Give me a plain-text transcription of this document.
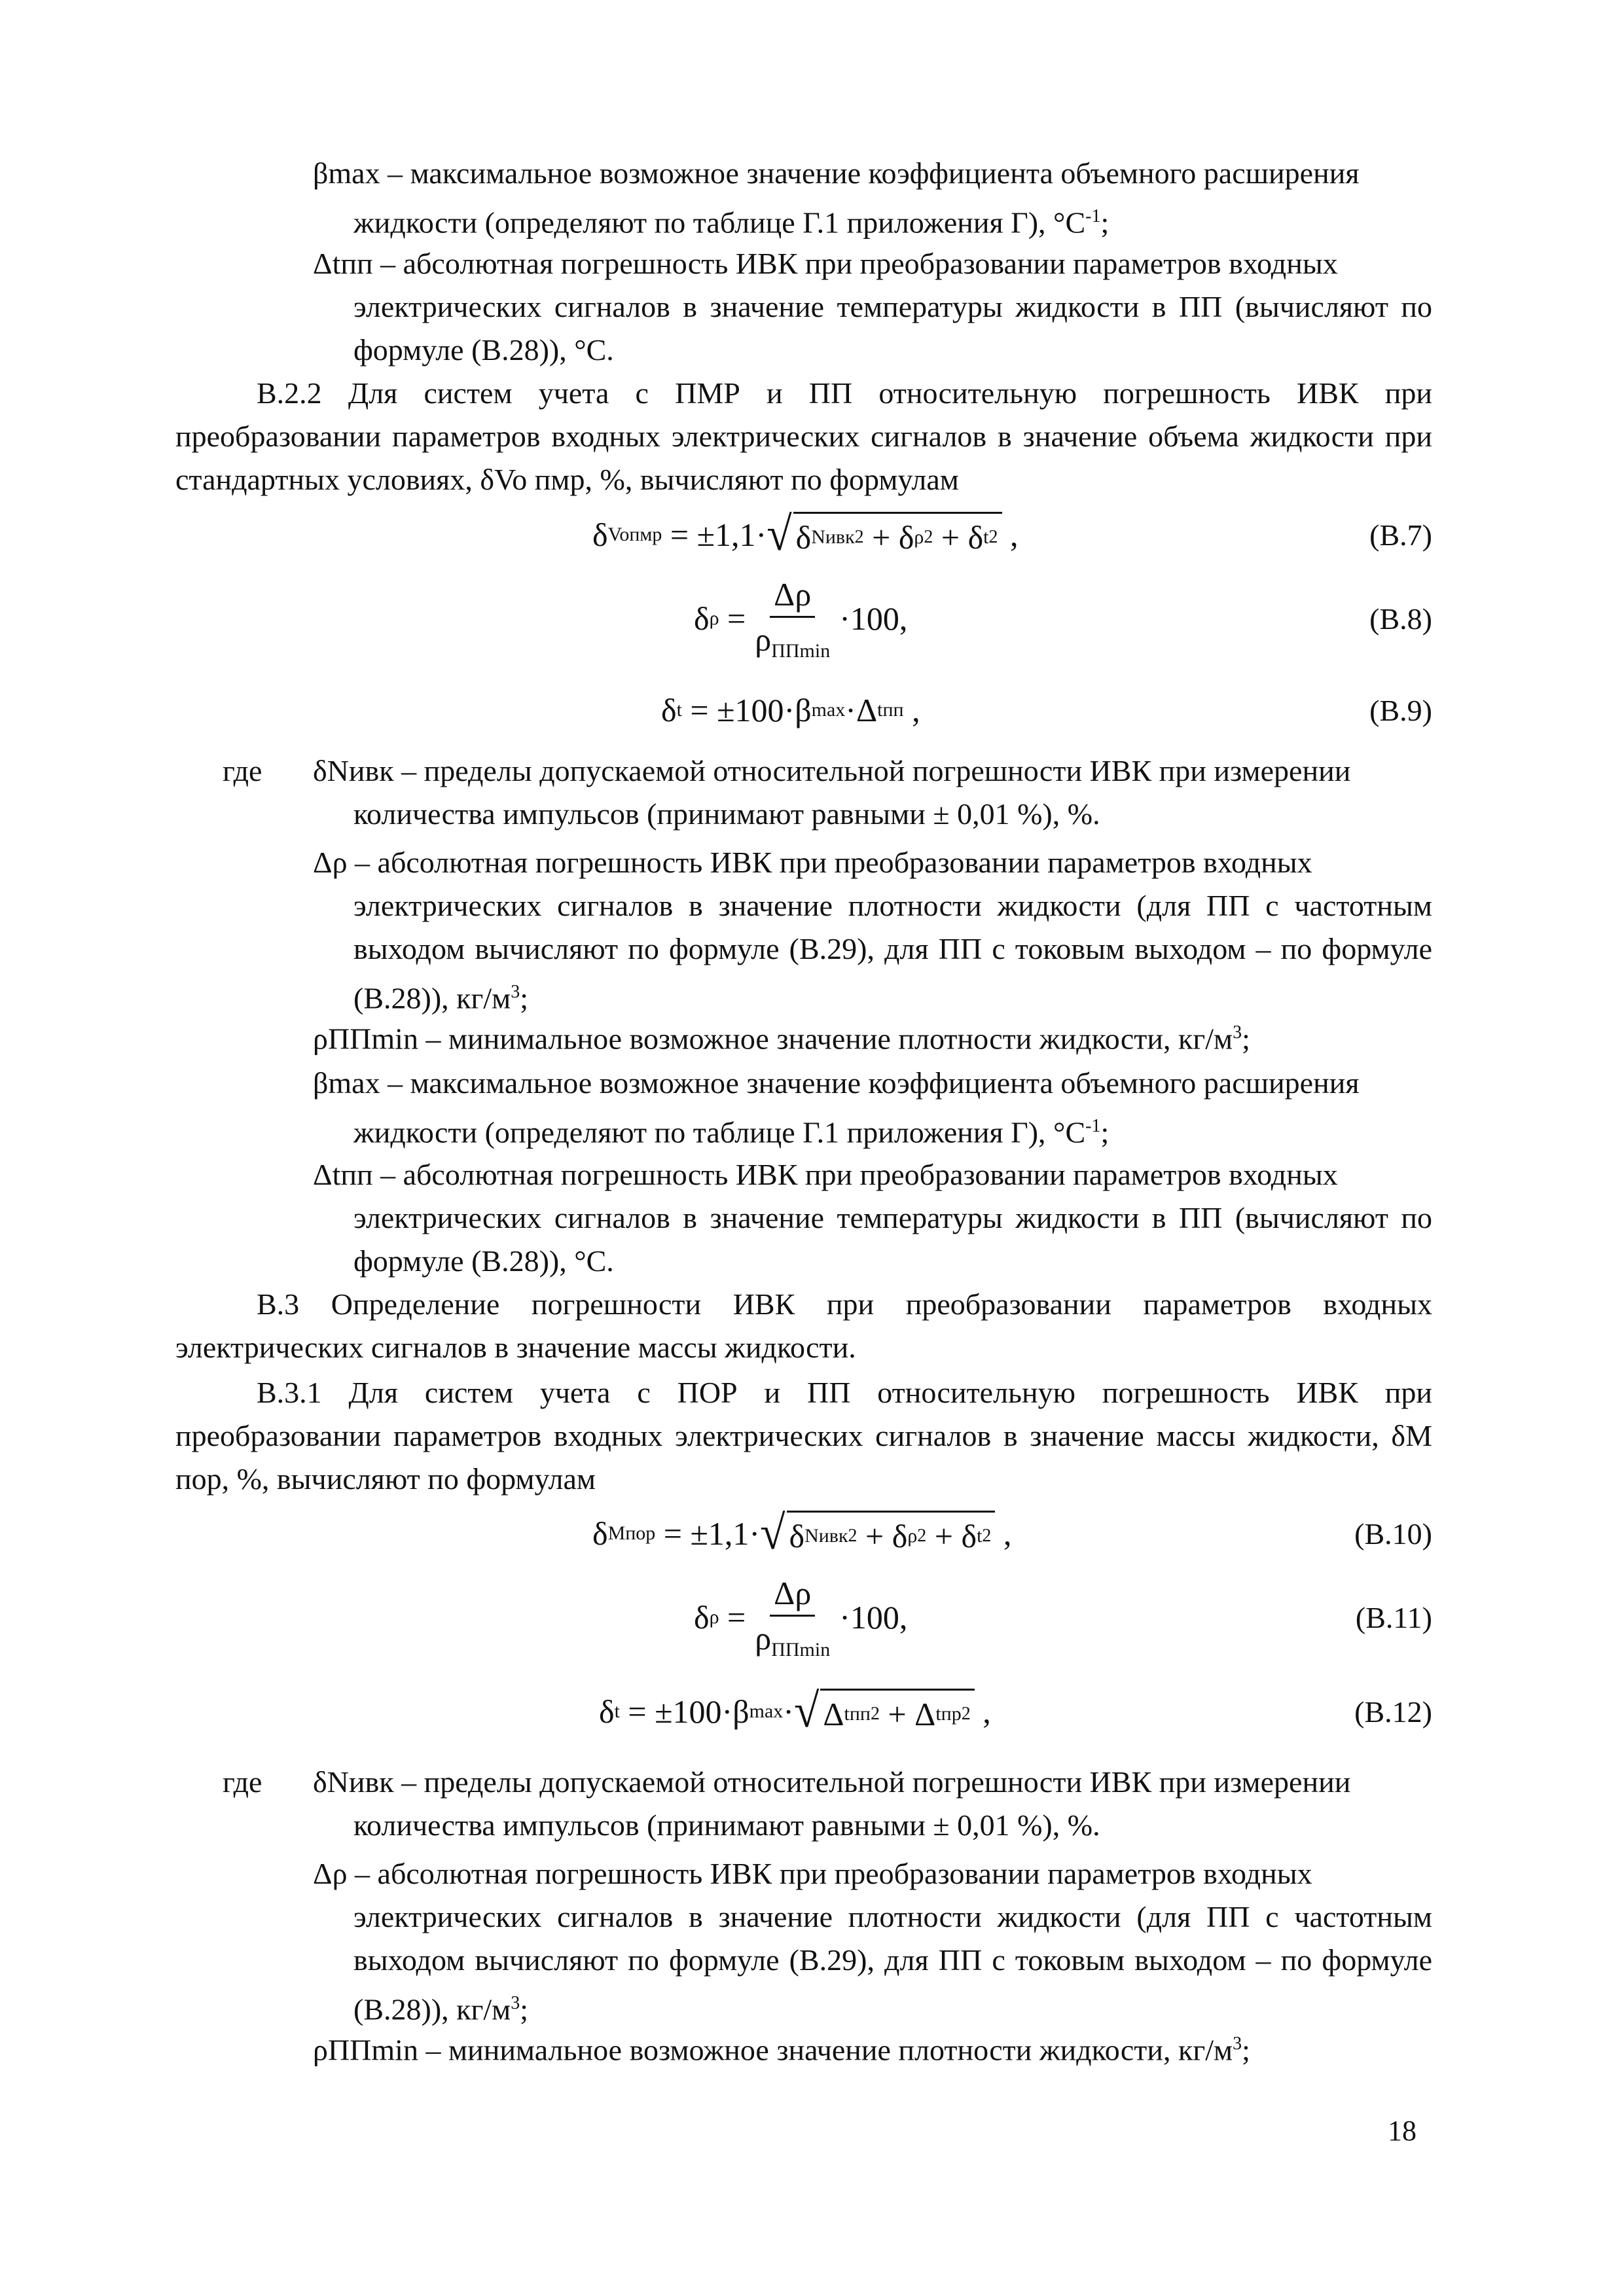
βmax – максимальное возможное значение коэффициента объемного расширения
жидкости (определяют по таблице Г.1 приложения Г), $^\circ С^{-1}$;
Δtпп – абсолютная погрешность ИВК при преобразовании параметров входных
электрических сигналов в значение температуры жидкости в ПП (вычисляют по формуле (В.28)), °С.
В.2.2 Для систем учета с ПМР и ПП относительную погрешность ИВК при преобразовании параметров входных электрических сигналов в значение объема жидкости при стандартных условиях, δVo пмр, %, вычисляют по формулам
δ Voпмр = ±1,1· √ δ Nивк 2 + δ ρ 2 + δ t 2 ,	(В.7)
δ $\rho = \frac{\Delta\rho}{\rho_{ППmin}} \cdot 100$,	(В.8)
δ t = ±100·β max ·Δ tпп ,	(В.9)
где δNивк – пределы допускаемой относительной погрешности ИВК при измерении
количества импульсов (принимают равными ± 0,01 %), %.
Δρ – абсолютная погрешность ИВК при преобразовании параметров входных
электрических сигналов в значение плотности жидкости (для ПП с частотным выходом вычисляют по формуле (В.29), для ПП с токовым выходом – по формуле (В.28)), $кг/м^3$;
ρППmin – минимальное возможное значение плотности жидкости, $кг/м^3$;
βmax – максимальное возможное значение коэффициента объемного расширения
жидкости (определяют по таблице Г.1 приложения Г), $^\circ С^{-1}$;
Δtпп – абсолютная погрешность ИВК при преобразовании параметров входных
электрических сигналов в значение температуры жидкости в ПП (вычисляют по формуле (В.28)), °С.
В.3 Определение погрешности ИВК при преобразовании параметров входных электрических сигналов в значение массы жидкости.
В.3.1 Для систем учета с ПОР и ПП относительную погрешность ИВК при преобразовании параметров входных электрических сигналов в значение массы жидкости, δМ пор, %, вычисляют по формулам
δ Mпор = ±1,1· √ δ Nивк 2 + δ ρ 2 + δ t 2 ,	(В.10)
δ $\rho = \frac{\Delta\rho}{\rho_{ППmin}} \cdot 100$,	(В.11)
δ t = ±100·β max · √ Δ tпп 2 + Δ tпр 2 ,	(В.12)
где δNивк – пределы допускаемой относительной погрешности ИВК при измерении
количества импульсов (принимают равными ± 0,01 %), %.
Δρ – абсолютная погрешность ИВК при преобразовании параметров входных
электрических сигналов в значение плотности жидкости (для ПП с частотным выходом вычисляют по формуле (В.29), для ПП с токовым выходом – по формуле (В.28)), $кг/м^3$;
ρППmin – минимальное возможное значение плотности жидкости, $кг/м^3$;
18
